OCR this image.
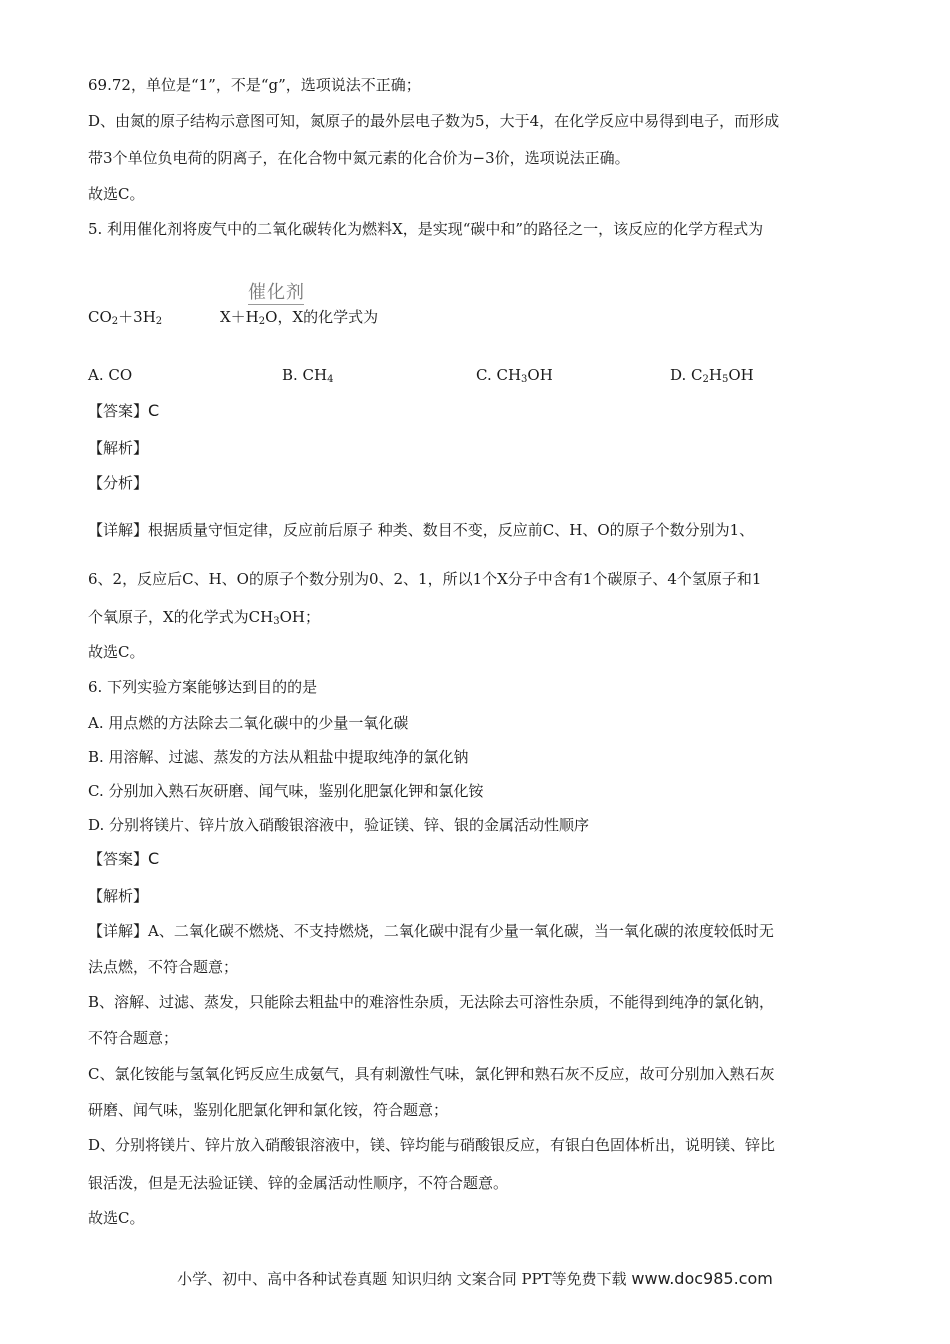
69.72，单位是“1”，不是“g”，选项说法不正确；
D、由氮的原子结构示意图可知，氮原子的最外层电子数为5，大于4，在化学反应中易得到电子，而形成
带3个单位负电荷的阴离子，在化合物中氮元素的化合价为−3价，选项说法正确。
故选C。
5. 利用催化剂将废气中的二氧化碳转化为燃料X，是实现“碳中和”的路径之一，该反应的化学方程式为
催化剂
$CO_2+3H_2$	$X+H_2O$，X的化学式为
A. CO	B. $CH_4$	C. $CH_3OH$	D. $C_2H_5OH$
【答案】C
【解析】
【分析】
【详解】根据质量守恒定律，反应前后原子 种类、数目不变，反应前C、H、O的原子个数分别为1、
6、2，反应后C、H、O的原子个数分别为0、2、1，所以1个X分子中含有1个碳原子、4个氢原子和1
个氧原子，X的化学式为$CH_3OH$；
故选C。
6. 下列实验方案能够达到目的的是
A. 用点燃的方法除去二氧化碳中的少量一氧化碳
B. 用溶解、过滤、蒸发的方法从粗盐中提取纯净的氯化钠
C. 分别加入熟石灰研磨、闻气味，鉴别化肥氯化钾和氯化铵
D. 分别将镁片、锌片放入硝酸银溶液中，验证镁、锌、银的金属活动性顺序
【答案】C
【解析】
【详解】A、二氧化碳不燃烧、不支持燃烧，二氧化碳中混有少量一氧化碳，当一氧化碳的浓度较低时无
法点燃，不符合题意；
B、溶解、过滤、蒸发，只能除去粗盐中的难溶性杂质，无法除去可溶性杂质，不能得到纯净的氯化钠，
不符合题意；
C、氯化铵能与氢氧化钙反应生成氨气，具有刺激性气味，氯化钾和熟石灰不反应，故可分别加入熟石灰
研磨、闻气味，鉴别化肥氯化钾和氯化铵，符合题意；
D、分别将镁片、锌片放入硝酸银溶液中，镁、锌均能与硝酸银反应，有银白色固体析出，说明镁、锌比
银活泼，但是无法验证镁、锌的金属活动性顺序，不符合题意。
故选C。
小学、初中、高中各种试卷真题 知识归纳 文案合同 PPT等免费下载 www.doc985.com
